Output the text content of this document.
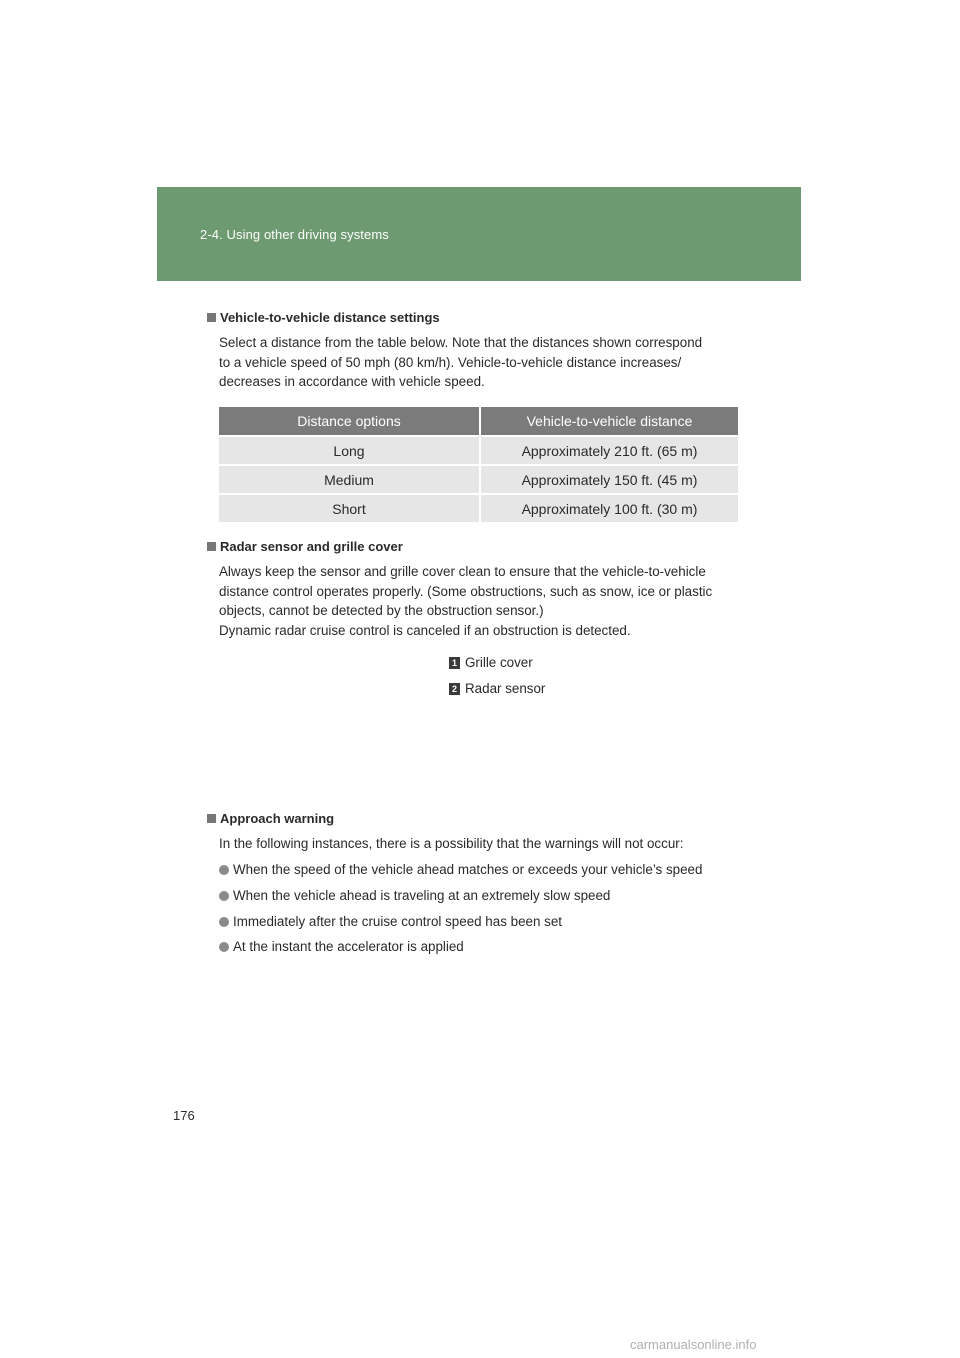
2-4. Using other driving systems
Vehicle-to-vehicle distance settings
Select a distance from the table below. Note that the distances shown correspond
to a vehicle speed of 50 mph (80 km/h). Vehicle-to-vehicle distance increases/
decreases in accordance with vehicle speed.
Distance options	Vehicle-to-vehicle distance
Long	Approximately 210 ft. (65 m)
Medium	Approximately 150 ft. (45 m)
Short	Approximately 100 ft. (30 m)
Radar sensor and grille cover
Always keep the sensor and grille cover clean to ensure that the vehicle-to-vehicle
distance control operates properly. (Some obstructions, such as snow, ice or plastic
objects, cannot be detected by the obstruction sensor.)
Dynamic radar cruise control is canceled if an obstruction is detected.
1 Grille cover
2 Radar sensor
Approach warning
In the following instances, there is a possibility that the warnings will not occur:
When the speed of the vehicle ahead matches or exceeds your vehicle’s speed
When the vehicle ahead is traveling at an extremely slow speed
Immediately after the cruise control speed has been set
At the instant the accelerator is applied
176
carmanualsonline.info
